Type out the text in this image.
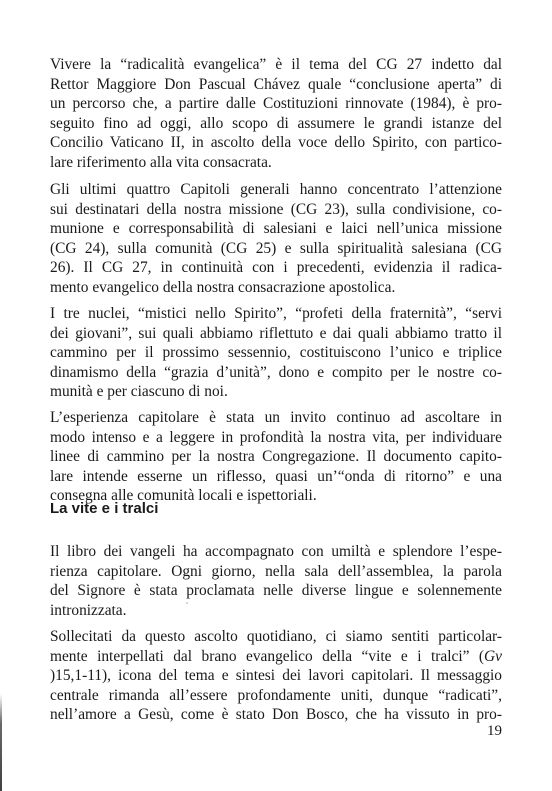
Vivere la “radicalità evangelica” è il tema del CG 27 indetto dal
Rettor Maggiore Don Pascual Chávez quale “conclusione aperta” di
un percorso che, a partire dalle Costituzioni rinnovate (1984), è pro-
seguito fino ad oggi, allo scopo di assumere le grandi istanze del
Concilio Vaticano II, in ascolto della voce dello Spirito, con partico-
lare riferimento alla vita consacrata.
Gli ultimi quattro Capitoli generali hanno concentrato l’attenzione
sui destinatari della nostra missione (CG 23), sulla condivisione, co-
munione e corresponsabilità di salesiani e laici nell’unica missione
(CG 24), sulla comunità (CG 25) e sulla spiritualità salesiana (CG
26). Il CG 27, in continuità con i precedenti, evidenzia il radica-
mento evangelico della nostra consacrazione apostolica.
I tre nuclei, “mistici nello Spirito”, “profeti della fraternità”, “servi
dei giovani”, sui quali abbiamo riflettuto e dai quali abbiamo tratto il
cammino per il prossimo sessennio, costituiscono l’unico e triplice
dinamismo della “grazia d’unità”, dono e compito per le nostre co-
munità e per ciascuno di noi.
L’esperienza capitolare è stata un invito continuo ad ascoltare in
modo intenso e a leggere in profondità la nostra vita, per individuare
linee di cammino per la nostra Congregazione. Il documento capito-
lare intende esserne un riflesso, quasi un’“onda di ritorno” e una
consegna alle comunità locali e ispettoriali.
La vite e i tralci
Il libro dei vangeli ha accompagnato con umiltà e splendore l’espe-
rienza capitolare. Ogni giorno, nella sala dell’assemblea, la parola
del Signore è stata proclamata nelle diverse lingue e solennemente
intronizzata.
Sollecitati da questo ascolto quotidiano, ci siamo sentiti particolar-
mente interpellati dal brano evangelico della “vite e i tralci” (Gv
)15,1-11), icona del tema e sintesi dei lavori capitolari. Il messaggio
centrale rimanda all’essere profondamente uniti, dunque “radicati”,
nell’amore a Gesù, come è stato Don Bosco, che ha vissuto in pro-
19
